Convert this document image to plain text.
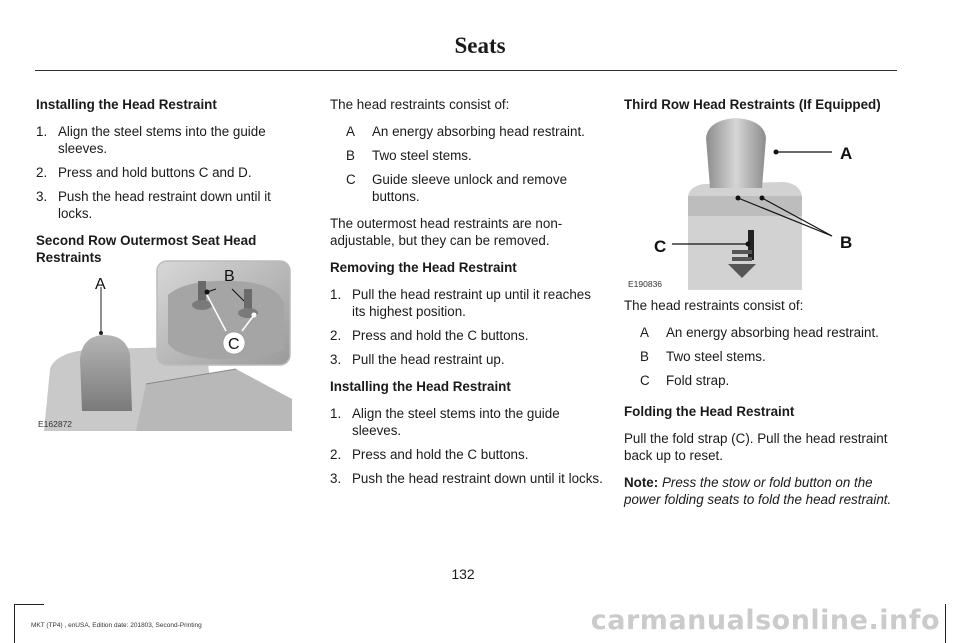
Seats
Installing the Head Restraint
1. Align the steel stems into the guide sleeves.
2. Press and hold buttons C and D.
3. Push the head restraint down until it locks.
Second Row Outermost Seat Head Restraints
A	B
C
E162872
The head restraints consist of:
A	An energy absorbing head restraint.
B	Two steel stems.
C	Guide sleeve unlock and remove buttons.
The outermost head restraints are non-adjustable, but they can be removed.
Removing the Head Restraint
1. Pull the head restraint up until it reaches its highest position.
2. Press and hold the C buttons.
3. Pull the head restraint up.
Installing the Head Restraint
1. Align the steel stems into the guide sleeves.
2. Press and hold the C buttons.
3. Push the head restraint down until it locks.
Third Row Head Restraints (If Equipped)
A
B
C
E190836
The head restraints consist of:
A	An energy absorbing head restraint.
B	Two steel stems.
C	Fold strap.
Folding the Head Restraint
Pull the fold strap (C). Pull the head restraint back up to reset.
Note: Press the stow or fold button on the power folding seats to fold the head restraint.
132
MKT (TP4) , enUSA, Edition date: 201803, Second-Printing	carmanualsonline.info
